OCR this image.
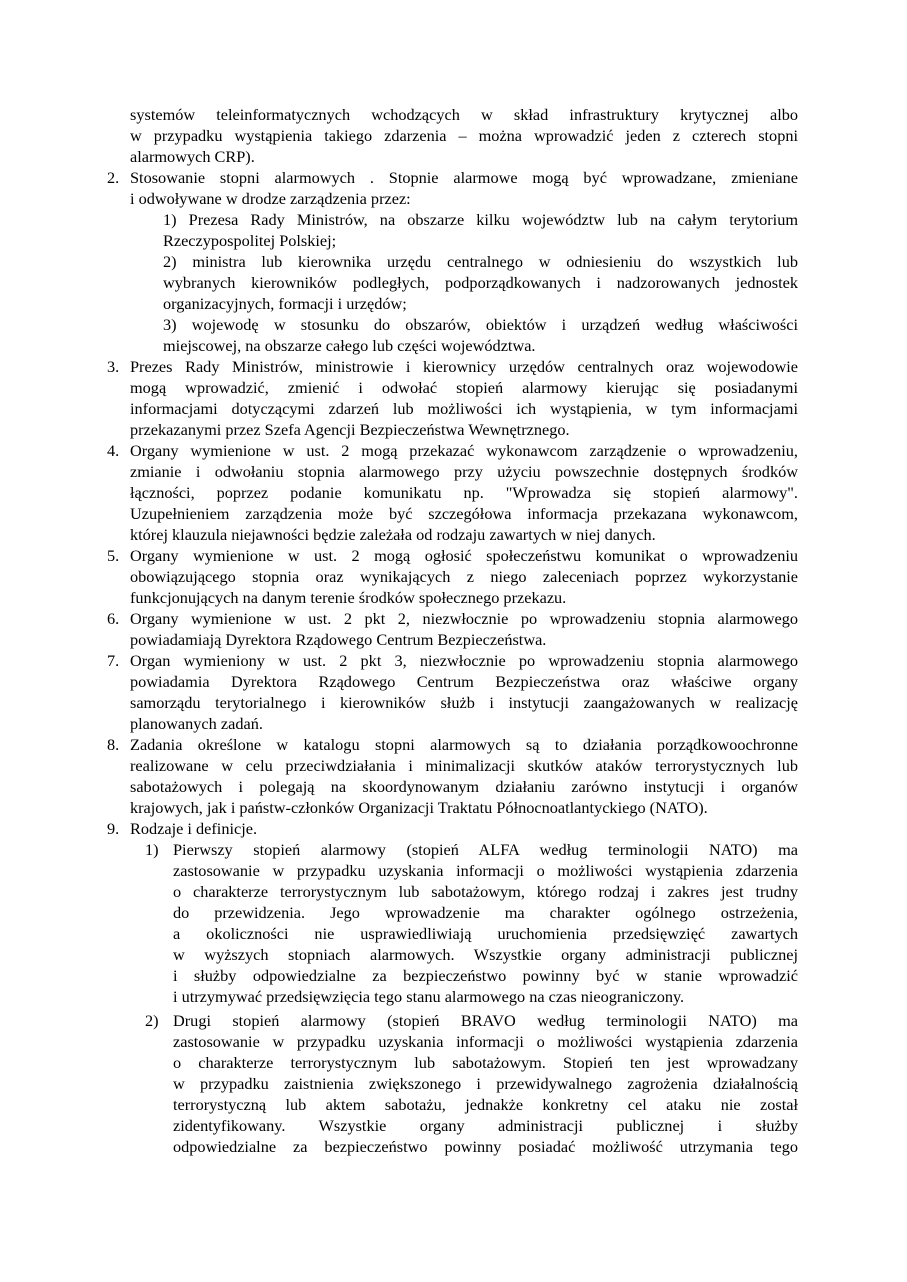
systemów teleinformatycznych wchodzących w skład infrastruktury krytycznej albo
w przypadku wystąpienia takiego zdarzenia – można wprowadzić jeden z czterech stopni
alarmowych CRP).
2. Stosowanie stopni alarmowych . Stopnie alarmowe mogą być wprowadzane, zmieniane
i odwoływane w drodze zarządzenia przez:
1) Prezesa Rady Ministrów, na obszarze kilku województw lub na całym terytorium
Rzeczypospolitej Polskiej;
2) ministra lub kierownika urzędu centralnego w odniesieniu do wszystkich lub
wybranych kierowników podległych, podporządkowanych i nadzorowanych jednostek
organizacyjnych, formacji i urzędów;
3) wojewodę w stosunku do obszarów, obiektów i urządzeń według właściwości
miejscowej, na obszarze całego lub części województwa.
3. Prezes Rady Ministrów, ministrowie i kierownicy urzędów centralnych oraz wojewodowie
mogą wprowadzić, zmienić i odwołać stopień alarmowy kierując się posiadanymi
informacjami dotyczącymi zdarzeń lub możliwości ich wystąpienia, w tym informacjami
przekazanymi przez Szefa Agencji Bezpieczeństwa Wewnętrznego.
4. Organy wymienione w ust. 2 mogą przekazać wykonawcom zarządzenie o wprowadzeniu,
zmianie i odwołaniu stopnia alarmowego przy użyciu powszechnie dostępnych środków
łączności, poprzez podanie komunikatu np. "Wprowadza się stopień alarmowy".
Uzupełnieniem zarządzenia może być szczegółowa informacja przekazana wykonawcom,
której klauzula niejawności będzie zależała od rodzaju zawartych w niej danych.
5. Organy wymienione w ust. 2 mogą ogłosić społeczeństwu komunikat o wprowadzeniu
obowiązującego stopnia oraz wynikających z niego zaleceniach poprzez wykorzystanie
funkcjonujących na danym terenie środków społecznego przekazu.
6. Organy wymienione w ust. 2 pkt 2, niezwłocznie po wprowadzeniu stopnia alarmowego
powiadamiają Dyrektora Rządowego Centrum Bezpieczeństwa.
7. Organ wymieniony w ust. 2 pkt 3, niezwłocznie po wprowadzeniu stopnia alarmowego
powiadamia Dyrektora Rządowego Centrum Bezpieczeństwa oraz właściwe organy
samorządu terytorialnego i kierowników służb i instytucji zaangażowanych w realizację
planowanych zadań.
8. Zadania określone w katalogu stopni alarmowych są to działania porządkowoochronne
realizowane w celu przeciwdziałania i minimalizacji skutków ataków terrorystycznych lub
sabotażowych i polegają na skoordynowanym działaniu zarówno instytucji i organów
krajowych, jak i państw-członków Organizacji Traktatu Północnoatlantyckiego (NATO).
9. Rodzaje i definicje.
1) Pierwszy stopień alarmowy (stopień ALFA według terminologii NATO) ma
zastosowanie w przypadku uzyskania informacji o możliwości wystąpienia zdarzenia
o charakterze terrorystycznym lub sabotażowym, którego rodzaj i zakres jest trudny
do przewidzenia. Jego wprowadzenie ma charakter ogólnego ostrzeżenia,
a okoliczności nie usprawiedliwiają uruchomienia przedsięwzięć zawartych
w wyższych stopniach alarmowych. Wszystkie organy administracji publicznej
i służby odpowiedzialne za bezpieczeństwo powinny być w stanie wprowadzić
i utrzymywać przedsięwzięcia tego stanu alarmowego na czas nieograniczony.
2) Drugi stopień alarmowy (stopień BRAVO według terminologii NATO) ma
zastosowanie w przypadku uzyskania informacji o możliwości wystąpienia zdarzenia
o charakterze terrorystycznym lub sabotażowym. Stopień ten jest wprowadzany
w przypadku zaistnienia zwiększonego i przewidywalnego zagrożenia działalnością
terrorystyczną lub aktem sabotażu, jednakże konkretny cel ataku nie został
zidentyfikowany. Wszystkie organy administracji publicznej i służby
odpowiedzialne za bezpieczeństwo powinny posiadać możliwość utrzymania tego
